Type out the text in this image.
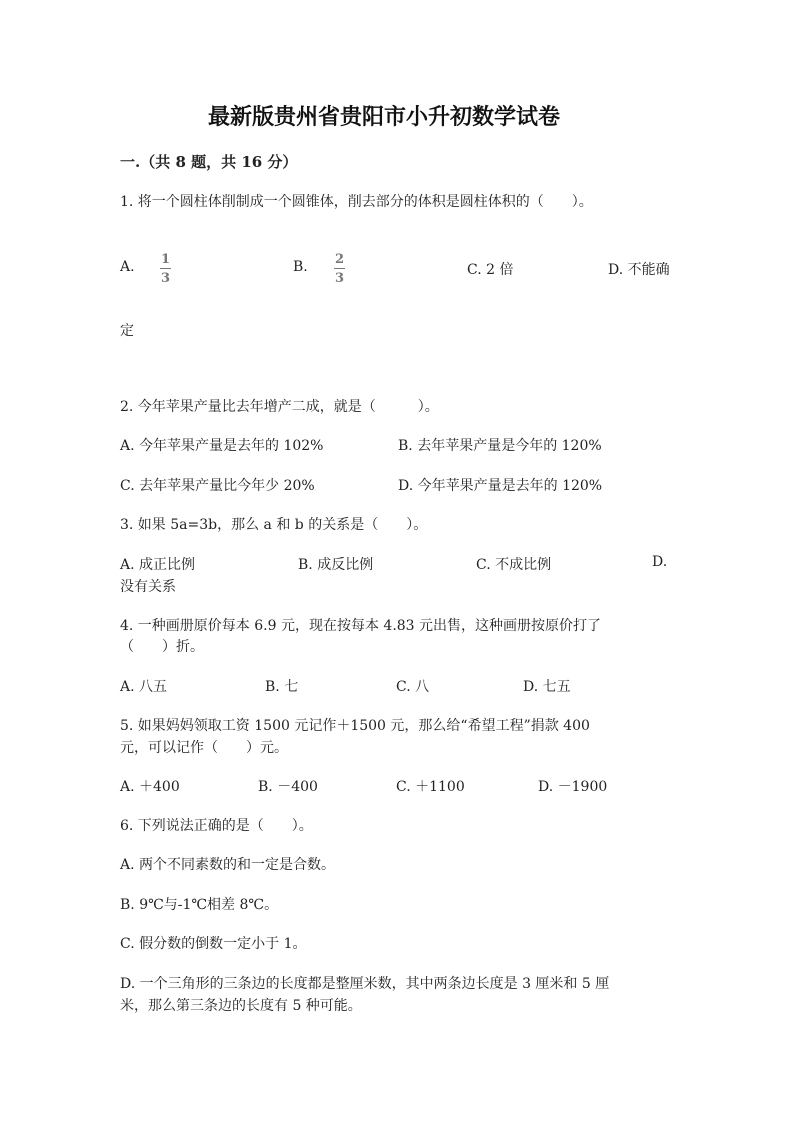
最新版贵州省贵阳市小升初数学试卷
一.（共 8 题，共 16 分）
1. 将一个圆柱体削制成一个圆锥体，削去部分的体积是圆柱体积的（　　）。
A. 1
3
B. 2
3
C. 2 倍	D. 不能确
定
2. 今年苹果产量比去年增产二成，就是（　　　）。
A. 今年苹果产量是去年的 102%	B. 去年苹果产量是今年的 120%
C. 去年苹果产量比今年少 20%	D. 今年苹果产量是去年的 120%
3. 如果 5a=3b，那么 a 和 b 的关系是（　　）。
A. 成正比例	B. 成反比例	C. 不成比例	D.
没有关系
4. 一种画册原价每本 6.9 元，现在按每本 4.83 元出售，这种画册按原价打了
（　　）折。
A. 八五	B. 七	C. 八	D. 七五
5. 如果妈妈领取工资 1500 元记作＋1500 元，那么给“希望工程”捐款 400
元，可以记作（　　）元。
A. ＋400	B. －400	C. ＋1100	D. －1900
6. 下列说法正确的是（　　）。
A. 两个不同素数的和一定是合数。
B. 9℃与-1℃相差 8℃。
C. 假分数的倒数一定小于 1。
D. 一个三角形的三条边的长度都是整厘米数，其中两条边长度是 3 厘米和 5 厘
米，那么第三条边的长度有 5 种可能。
